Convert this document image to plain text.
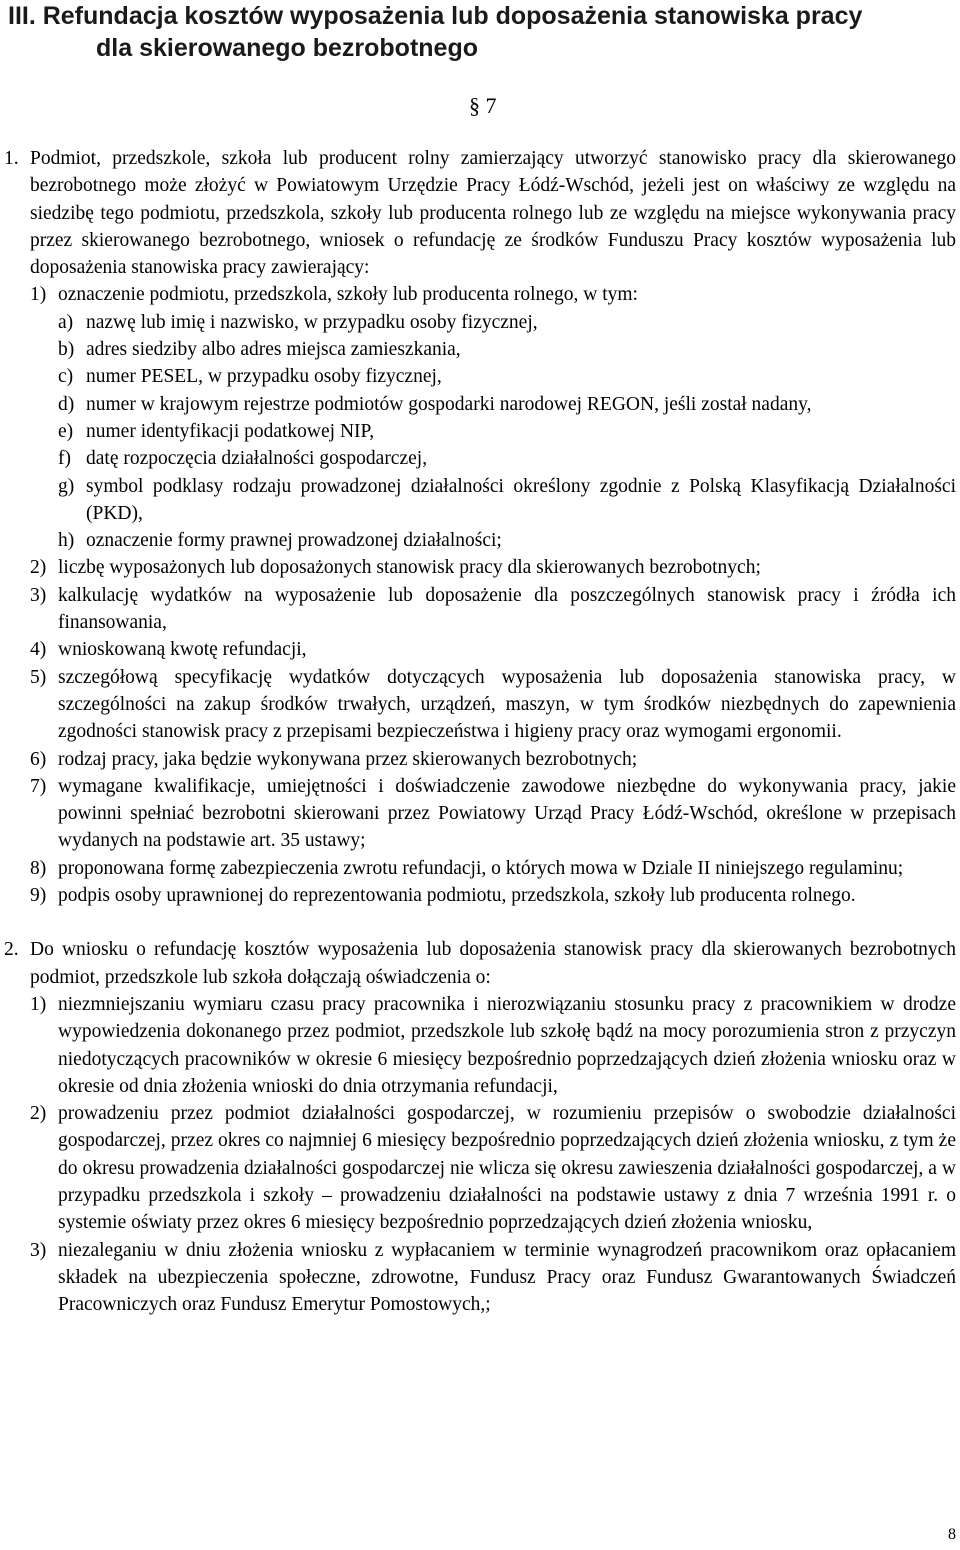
III. Refundacja kosztów wyposażenia lub doposażenia stanowiska pracy
dla skierowanego bezrobotnego
§ 7
1. Podmiot, przedszkole, szkoła lub producent rolny zamierzający utworzyć stanowisko pracy dla skierowanego bezrobotnego może złożyć w Powiatowym Urzędzie Pracy Łódź-Wschód, jeżeli jest on właściwy ze względu na siedzibę tego podmiotu, przedszkola, szkoły lub producenta rolnego lub ze względu na miejsce wykonywania pracy przez skierowanego bezrobotnego, wniosek o refundację ze środków Funduszu Pracy kosztów wyposażenia lub doposażenia stanowiska pracy zawierający:
1) oznaczenie podmiotu, przedszkola, szkoły lub producenta rolnego, w tym:
a) nazwę lub imię i nazwisko, w przypadku osoby fizycznej,
b) adres siedziby albo adres miejsca zamieszkania,
c) numer PESEL, w przypadku osoby fizycznej,
d) numer w krajowym rejestrze podmiotów gospodarki narodowej REGON, jeśli został nadany,
e) numer identyfikacji podatkowej NIP,
f) datę rozpoczęcia działalności gospodarczej,
g) symbol podklasy rodzaju prowadzonej działalności określony zgodnie z Polską Klasyfikacją Działalności (PKD),
h) oznaczenie formy prawnej prowadzonej działalności;
2) liczbę wyposażonych lub doposażonych stanowisk pracy dla skierowanych bezrobotnych;
3) kalkulację wydatków na wyposażenie lub doposażenie dla poszczególnych stanowisk pracy i źródła ich finansowania,
4) wnioskowaną kwotę refundacji,
5) szczegółową specyfikację wydatków dotyczących wyposażenia lub doposażenia stanowiska pracy, w szczególności na zakup środków trwałych, urządzeń, maszyn, w tym środków niezbędnych do zapewnienia zgodności stanowisk pracy z przepisami bezpieczeństwa i higieny pracy oraz wymogami ergonomii.
6) rodzaj pracy, jaka będzie wykonywana przez skierowanych bezrobotnych;
7) wymagane kwalifikacje, umiejętności i doświadczenie zawodowe niezbędne do wykonywania pracy, jakie powinni spełniać bezrobotni skierowani przez Powiatowy Urząd Pracy Łódź-Wschód, określone w przepisach wydanych na podstawie art. 35 ustawy;
8) proponowana formę zabezpieczenia zwrotu refundacji, o których mowa w Dziale II niniejszego regulaminu;
9) podpis osoby uprawnionej do reprezentowania podmiotu, przedszkola, szkoły lub producenta rolnego.
2. Do wniosku o refundację kosztów wyposażenia lub doposażenia stanowisk pracy dla skierowanych bezrobotnych podmiot, przedszkole lub szkoła dołączają oświadczenia o:
1) niezmniejszaniu wymiaru czasu pracy pracownika i nierozwiązaniu stosunku pracy z pracownikiem w drodze wypowiedzenia dokonanego przez podmiot, przedszkole lub szkołę bądź na mocy porozumienia stron z przyczyn niedotyczących pracowników w okresie 6 miesięcy bezpośrednio poprzedzających dzień złożenia wniosku oraz w okresie od dnia złożenia wnioski do dnia otrzymania refundacji,
2) prowadzeniu przez podmiot działalności gospodarczej, w rozumieniu przepisów o swobodzie działalności gospodarczej, przez okres co najmniej 6 miesięcy bezpośrednio poprzedzających dzień złożenia wniosku, z tym że do okresu prowadzenia działalności gospodarczej nie wlicza się okresu zawieszenia działalności gospodarczej, a w przypadku przedszkola i szkoły – prowadzeniu działalności na podstawie ustawy z dnia 7 września 1991 r. o systemie oświaty przez okres 6 miesięcy bezpośrednio poprzedzających dzień złożenia wniosku,
3) niezaleganiu w dniu złożenia wniosku z wypłacaniem w terminie wynagrodzeń pracownikom oraz opłacaniem składek na ubezpieczenia społeczne, zdrowotne, Fundusz Pracy oraz Fundusz Gwarantowanych Świadczeń Pracowniczych oraz Fundusz Emerytur Pomostowych,;
8
